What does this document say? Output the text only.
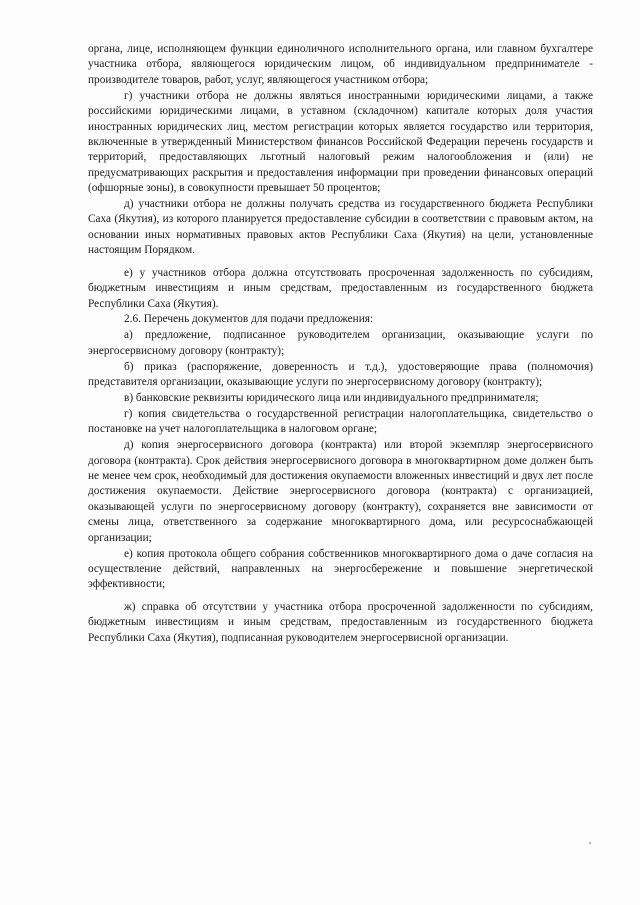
органа, лице, исполняющем функции единоличного исполнительного органа, или главном бухгалтере участника отбора, являющегося юридическим лицом, об индивидуальном предпринимателе - производителе товаров, работ, услуг, являющегося участником отбора;

г) участники отбора не должны являться иностранными юридическими лицами, а также российскими юридическими лицами, в уставном (складочном) капитале которых доля участия иностранных юридических лиц, местом регистрации которых является государство или территория, включенные в утвержденный Министерством финансов Российской Федерации перечень государств и территорий, предоставляющих льготный налоговый режим налогообложения и (или) не предусматривающих раскрытия и предоставления информации при проведении финансовых операций (офшорные зоны), в совокупности превышает 50 процентов;

д) участники отбора не должны получать средства из государственного бюджета Республики Саха (Якутия), из которого планируется предоставление субсидии в соответствии с правовым актом, на основании иных нормативных правовых актов Республики Саха (Якутия) на цели, установленные настоящим Порядком.

е) у участников отбора должна отсутствовать просроченная задолженность по субсидиям, бюджетным инвестициям и иным средствам, предоставленным из государственного бюджета Республики Саха (Якутия).

2.6. Перечень документов для подачи предложения:

а) предложение, подписанное руководителем организации, оказывающие услуги по энергосервисному договору (контракту);

б) приказ (распоряжение, доверенность и т.д.), удостоверяющие права (полномочия) представителя организации, оказывающие услуги по энергосервисному договору (контракту);

в) банковские реквизиты юридического лица или индивидуального предпринимателя;

г) копия свидетельства о государственной регистрации налогоплательщика, свидетельство о постановке на учет налогоплательщика в налоговом органе;

д) копия энергосервисного договора (контракта) или второй экземпляр энергосервисного договора (контракта). Срок действия энергосервисного договора в многоквартирном доме должен быть не менее чем срок, необходимый для достижения окупаемости вложенных инвестиций и двух лет после достижения окупаемости. Действие энергосервисного договора (контракта) с организацией, оказывающей услуги по энергосервисному договору (контракту), сохраняется вне зависимости от смены лица, ответственного за содержание многоквартирного дома, или ресурсоснабжающей организации;

е) копия протокола общего собрания собственников многоквартирного дома о даче согласия на осуществление действий, направленных на энергосбережение и повышение энергетической эффективности;

ж) справка об отсутствии у участника отбора просроченной задолженности по субсидиям, бюджетным инвестициям и иным средствам, предоставленным из государственного бюджета Республики Саха (Якутия), подписанная руководителем энергосервисной организации.
